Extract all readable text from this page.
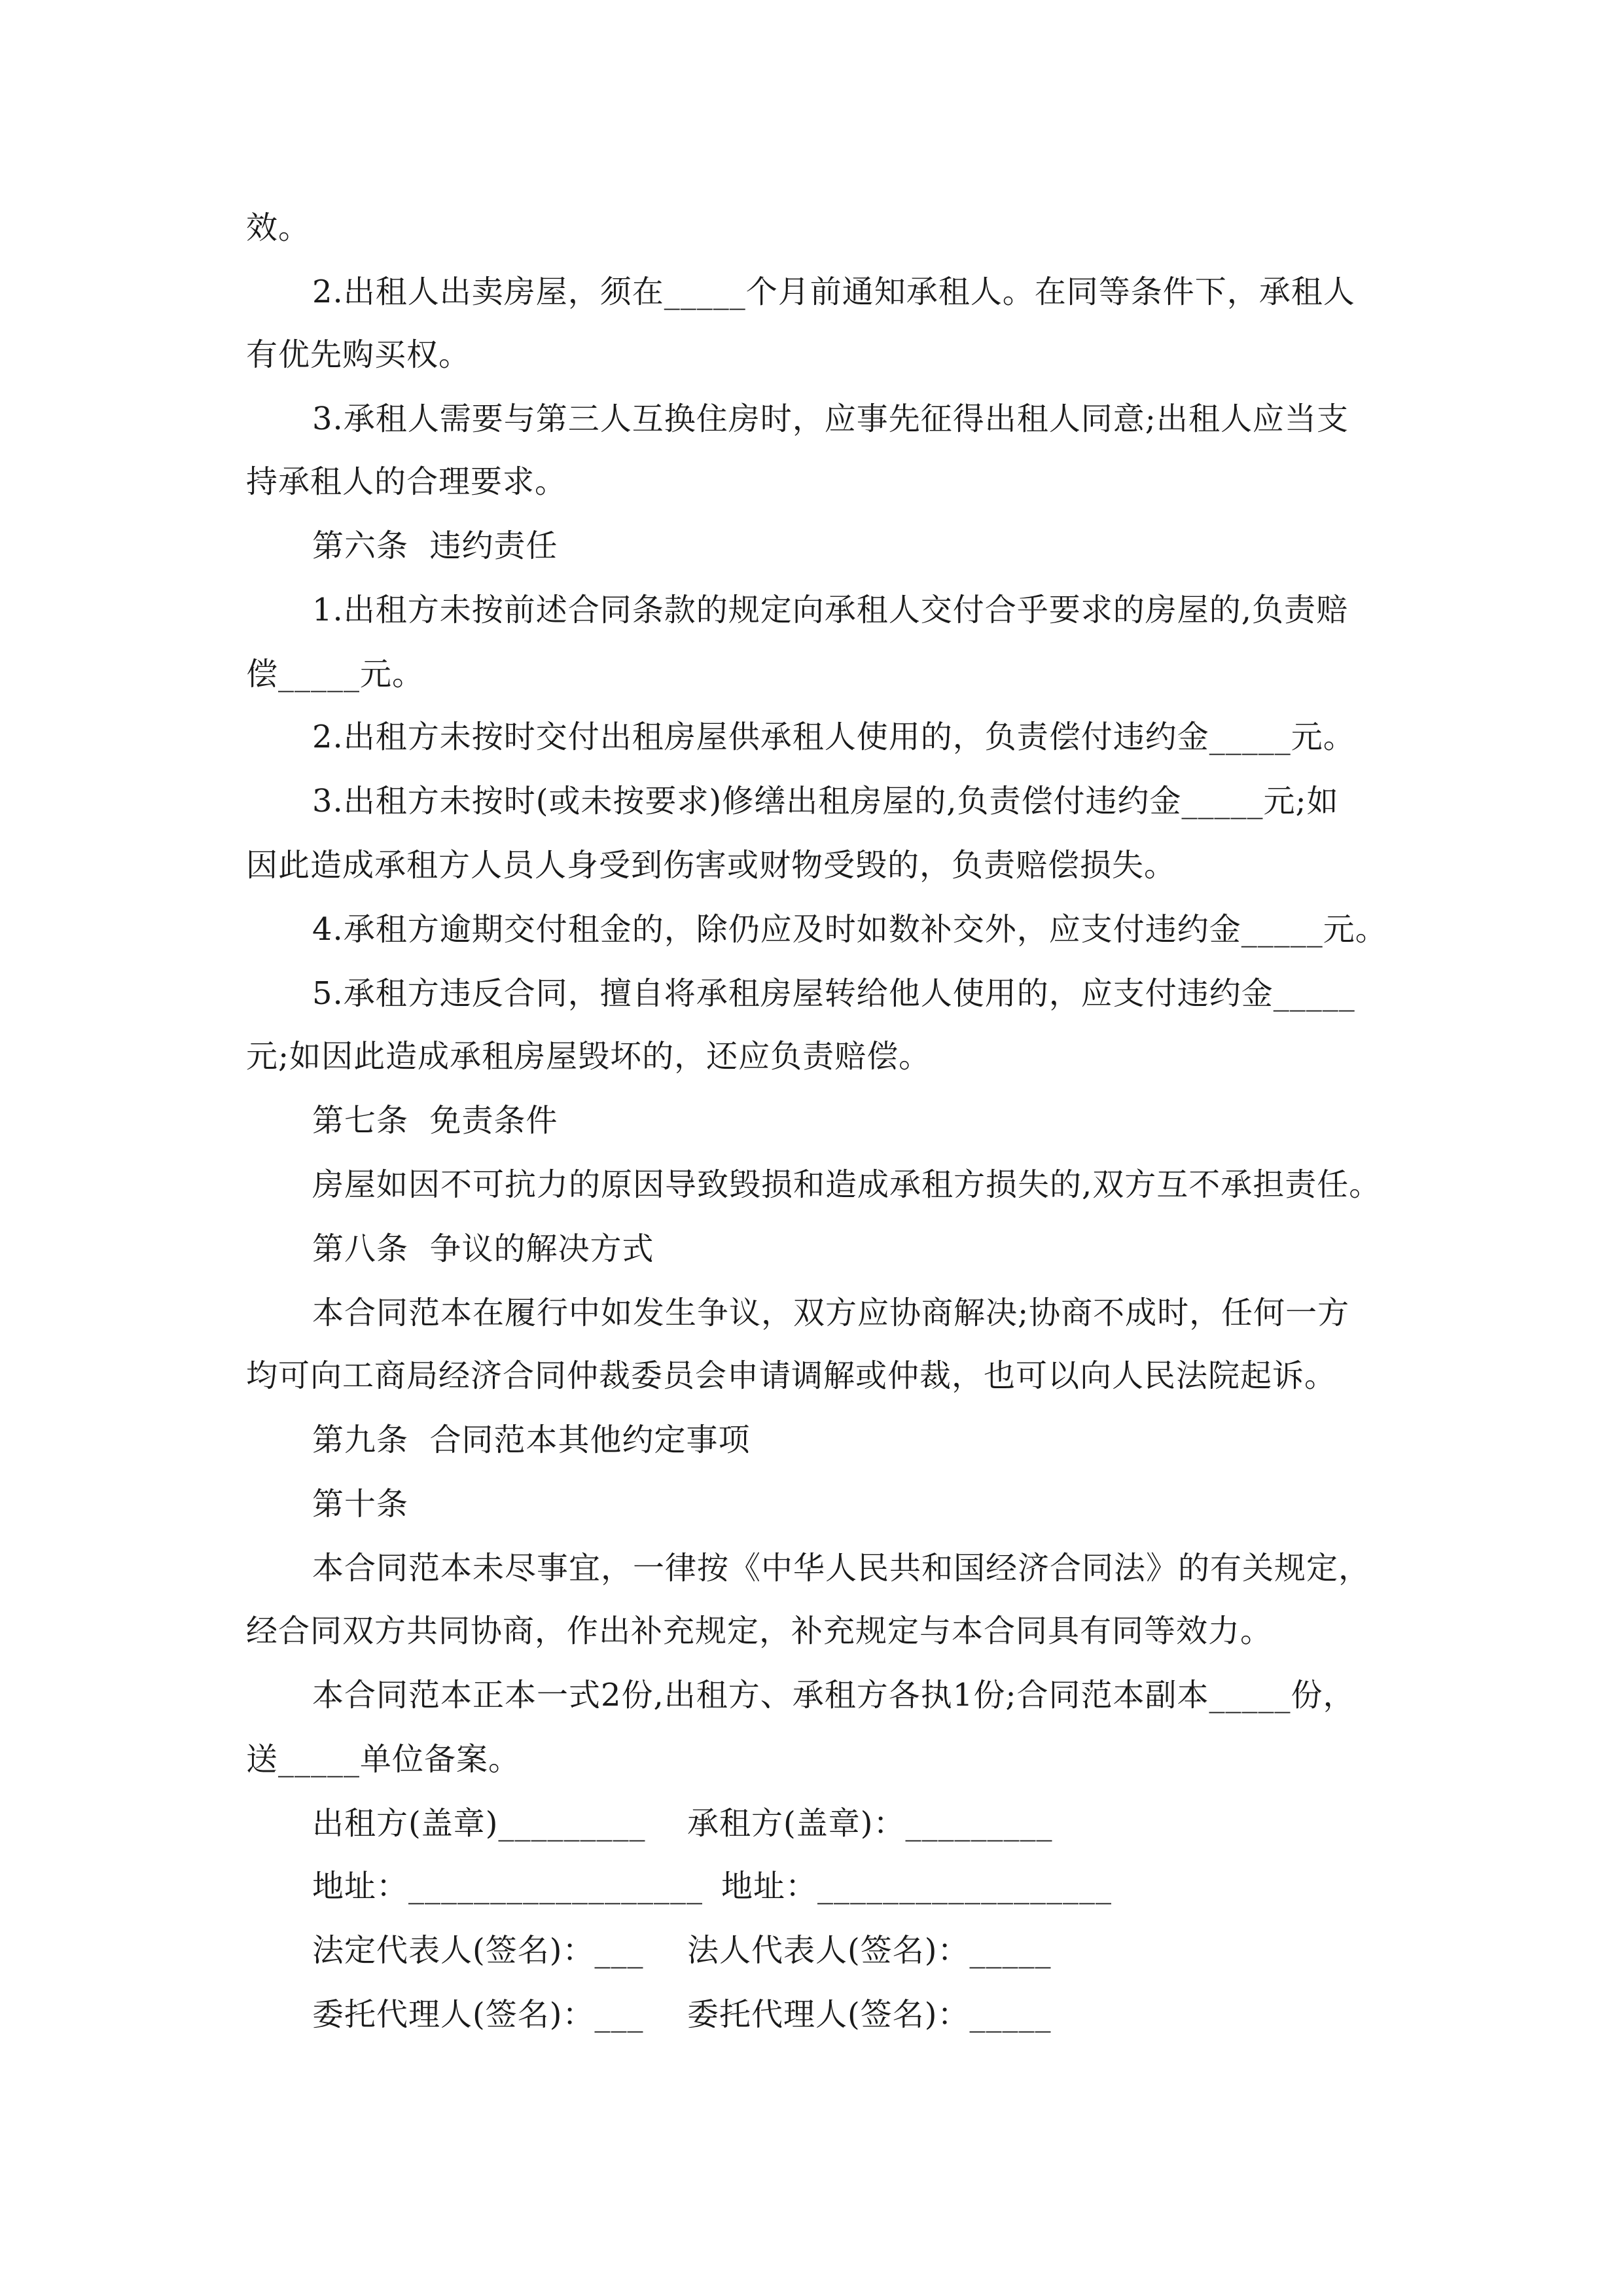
效。
2.出租人出卖房屋，须在_____个月前通知承租人。在同等条件下，承租人
有优先购买权。
3.承租人需要与第三人互换住房时，应事先征得出租人同意;出租人应当支
持承租人的合理要求。
第六条  违约责任
1.出租方未按前述合同条款的规定向承租人交付合乎要求的房屋的,负责赔
偿_____元。
2.出租方未按时交付出租房屋供承租人使用的，负责偿付违约金_____元。
3.出租方未按时(或未按要求)修缮出租房屋的,负责偿付违约金_____元;如
因此造成承租方人员人身受到伤害或财物受毁的，负责赔偿损失。
4.承租方逾期交付租金的，除仍应及时如数补交外，应支付违约金_____元。
5.承租方违反合同，擅自将承租房屋转给他人使用的，应支付违约金_____
元;如因此造成承租房屋毁坏的，还应负责赔偿。
第七条  免责条件
房屋如因不可抗力的原因导致毁损和造成承租方损失的,双方互不承担责任。
第八条  争议的解决方式
本合同范本在履行中如发生争议，双方应协商解决;协商不成时，任何一方
均可向工商局经济合同仲裁委员会申请调解或仲裁，也可以向人民法院起诉。
第九条  合同范本其他约定事项
第十条
本合同范本未尽事宜，一律按《中华人民共和国经济合同法》的有关规定，
经合同双方共同协商，作出补充规定，补充规定与本合同具有同等效力。
本合同范本正本一式2份,出租方、承租方各执1份;合同范本副本_____份，
送_____单位备案。
出租方(盖章)_________ 承租方(盖章)：_________
地址：__________________ 地址：__________________
法定代表人(签名)：___ 法人代表人(签名)：_____
委托代理人(签名)：___ 委托代理人(签名)：_____
